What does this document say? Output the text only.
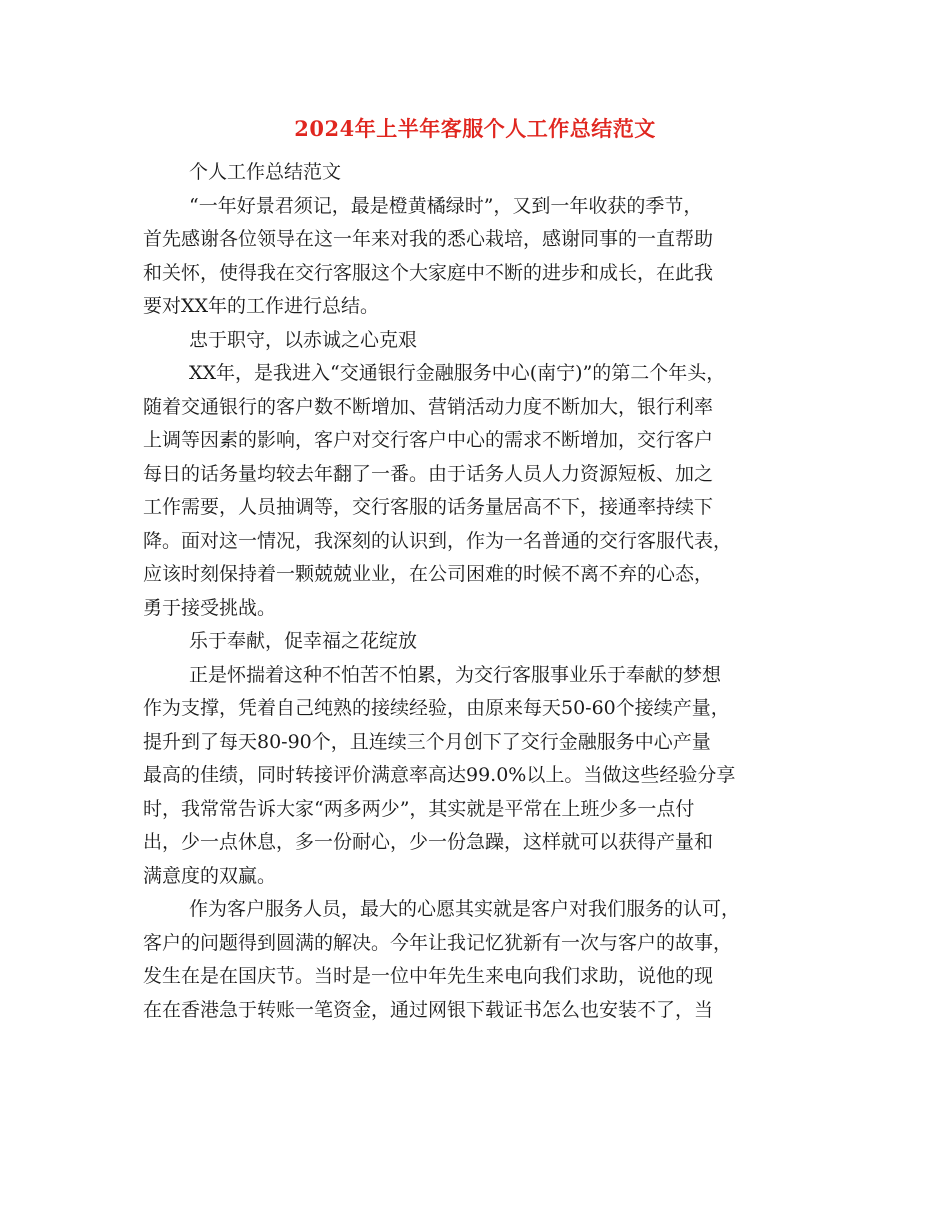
2024年上半年客服个人工作总结范文
个人工作总结范文
“一年好景君须记，最是橙黄橘绿时”，又到一年收获的季节，
首先感谢各位领导在这一年来对我的悉心栽培，感谢同事的一直帮助
和关怀，使得我在交行客服这个大家庭中不断的进步和成长，在此我
要对XX年的工作进行总结。
忠于职守，以赤诚之心克艰
XX年，是我进入“交通银行金融服务中心(南宁)”的第二个年头，
随着交通银行的客户数不断增加、营销活动力度不断加大，银行利率
上调等因素的影响，客户对交行客户中心的需求不断增加，交行客户
每日的话务量均较去年翻了一番。由于话务人员人力资源短板、加之
工作需要，人员抽调等，交行客服的话务量居高不下，接通率持续下
降。面对这一情况，我深刻的认识到，作为一名普通的交行客服代表，
应该时刻保持着一颗兢兢业业，在公司困难的时候不离不弃的心态，
勇于接受挑战。
乐于奉献，促幸福之花绽放
正是怀揣着这种不怕苦不怕累，为交行客服事业乐于奉献的梦想
作为支撑，凭着自己纯熟的接续经验，由原来每天50-60个接续产量，
提升到了每天80-90个，且连续三个月创下了交行金融服务中心产量
最高的佳绩，同时转接评价满意率高达99.0%以上。当做这些经验分享
时，我常常告诉大家“两多两少”，其实就是平常在上班少多一点付
出，少一点休息，多一份耐心，少一份急躁，这样就可以获得产量和
满意度的双赢。
作为客户服务人员，最大的心愿其实就是客户对我们服务的认可，
客户的问题得到圆满的解决。今年让我记忆犹新有一次与客户的故事，
发生在是在国庆节。当时是一位中年先生来电向我们求助，说他的现
在在香港急于转账一笔资金，通过网银下载证书怎么也安装不了，当
